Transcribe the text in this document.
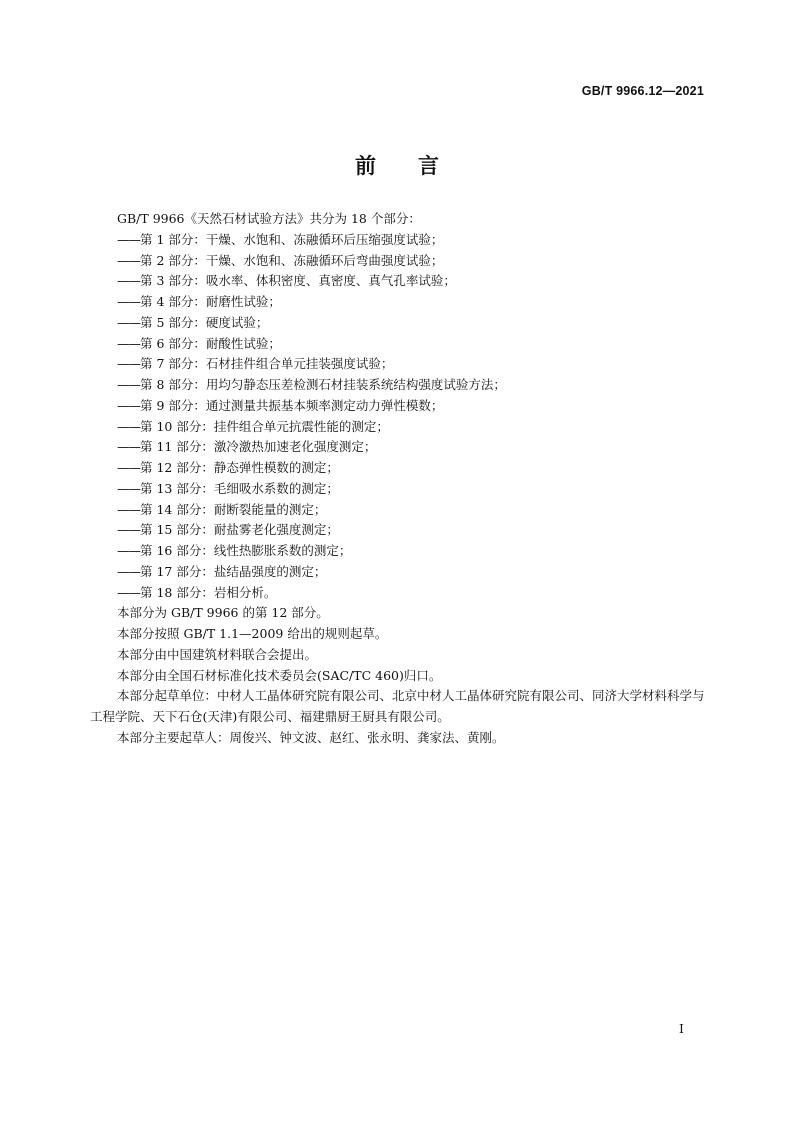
GB/T 9966.12—2021
前　　言

GB/T 9966《天然石材试验方法》共分为 18 个部分：

——第 1 部分：干燥、水饱和、冻融循环后压缩强度试验；
——第 2 部分：干燥、水饱和、冻融循环后弯曲强度试验；
——第 3 部分：吸水率、体积密度、真密度、真气孔率试验；
——第 4 部分：耐磨性试验；
——第 5 部分：硬度试验；
——第 6 部分：耐酸性试验；
——第 7 部分：石材挂件组合单元挂装强度试验；
——第 8 部分：用均匀静态压差检测石材挂装系统结构强度试验方法；
——第 9 部分：通过测量共振基本频率测定动力弹性模数；
——第 10 部分：挂件组合单元抗震性能的测定；
——第 11 部分：激冷激热加速老化强度测定；
——第 12 部分：静态弹性模数的测定；
——第 13 部分：毛细吸水系数的测定；
——第 14 部分：耐断裂能量的测定；
——第 15 部分：耐盐雾老化强度测定；
——第 16 部分：线性热膨胀系数的测定；
——第 17 部分：盐结晶强度的测定；
——第 18 部分：岩相分析。

本部分为 GB/T 9966 的第 12 部分。

本部分按照 GB/T 1.1—2009 给出的规则起草。

本部分由中国建筑材料联合会提出。

本部分由全国石材标准化技术委员会(SAC/TC 460)归口。

本部分起草单位：中材人工晶体研究院有限公司、北京中材人工晶体研究院有限公司、同济大学材料科学与工程学院、天下石仓(天津)有限公司、福建鼎厨王厨具有限公司。

本部分主要起草人：周俊兴、钟文波、赵红、张永明、龚家法、黄刚。

I
